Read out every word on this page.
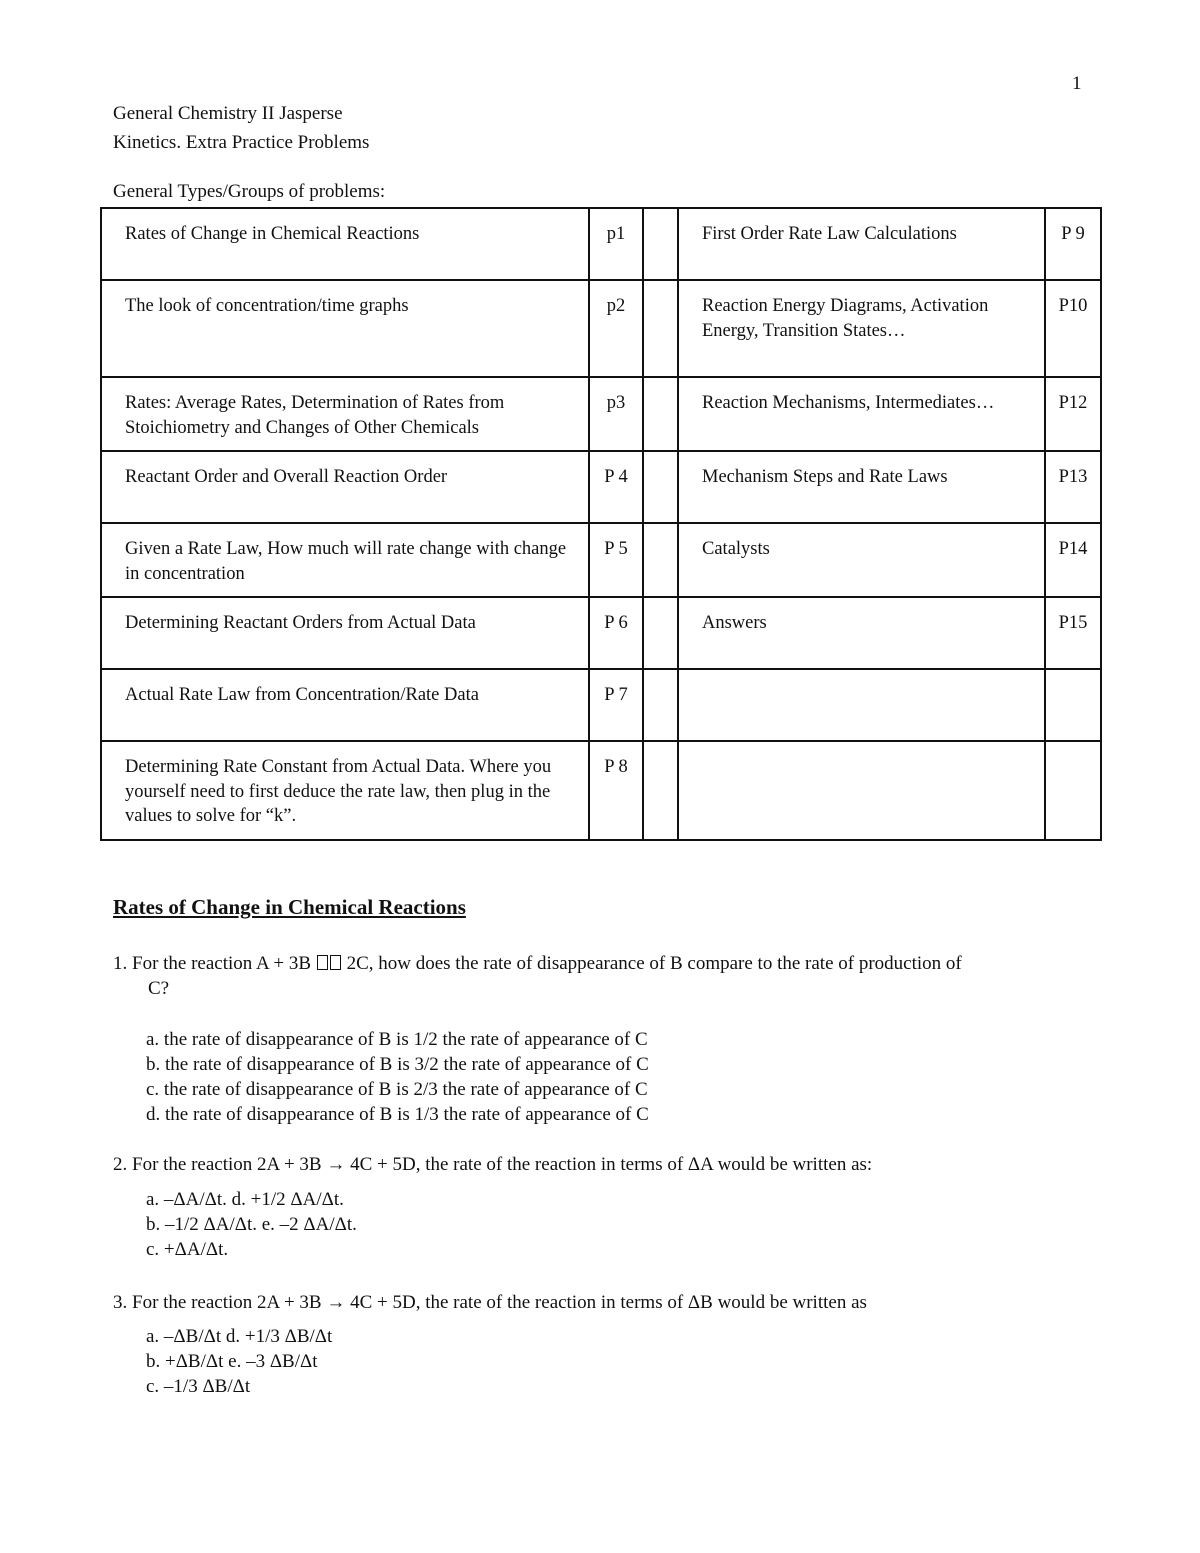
1
General Chemistry II Jasperse
Kinetics. Extra Practice Problems
General Types/Groups of problems:
Rates of Change in Chemical Reactions	p1		First Order Rate Law Calculations	P 9
The look of concentration/time graphs	p2		Reaction Energy Diagrams, Activation Energy, Transition States…	P10
Rates: Average Rates, Determination of Rates from Stoichiometry and Changes of Other Chemicals	p3		Reaction Mechanisms, Intermediates…	P12
Reactant Order and Overall Reaction Order	P 4		Mechanism Steps and Rate Laws	P13
Given a Rate Law, How much will rate change with change in concentration	P 5		Catalysts	P14
Determining Reactant Orders from Actual Data	P 6		Answers	P15
Actual Rate Law from Concentration/Rate Data	P 7			
Determining Rate Constant from Actual Data. Where you yourself need to first deduce the rate law, then plug in the values to solve for “k”.	P 8			
Rates of Change in Chemical Reactions
1. For the reaction A + 3B 2C, how does the rate of disappearance of B compare to the rate of production of
C?
a. the rate of disappearance of B is 1/2 the rate of appearance of C
b. the rate of disappearance of B is 3/2 the rate of appearance of C
c. the rate of disappearance of B is 2/3 the rate of appearance of C
d. the rate of disappearance of B is 1/3 the rate of appearance of C
2. For the reaction 2A + 3B → 4C + 5D, the rate of the reaction in terms of ΔA would be written as:
a. –ΔA/Δt. d. +1/2 ΔA/Δt.
b. –1/2 ΔA/Δt. e. –2 ΔA/Δt.
c. +ΔA/Δt.
3. For the reaction 2A + 3B → 4C + 5D, the rate of the reaction in terms of ΔB would be written as
a. –ΔB/Δt d. +1/3 ΔB/Δt
b. +ΔB/Δt e. –3 ΔB/Δt
c. –1/3 ΔB/Δt
